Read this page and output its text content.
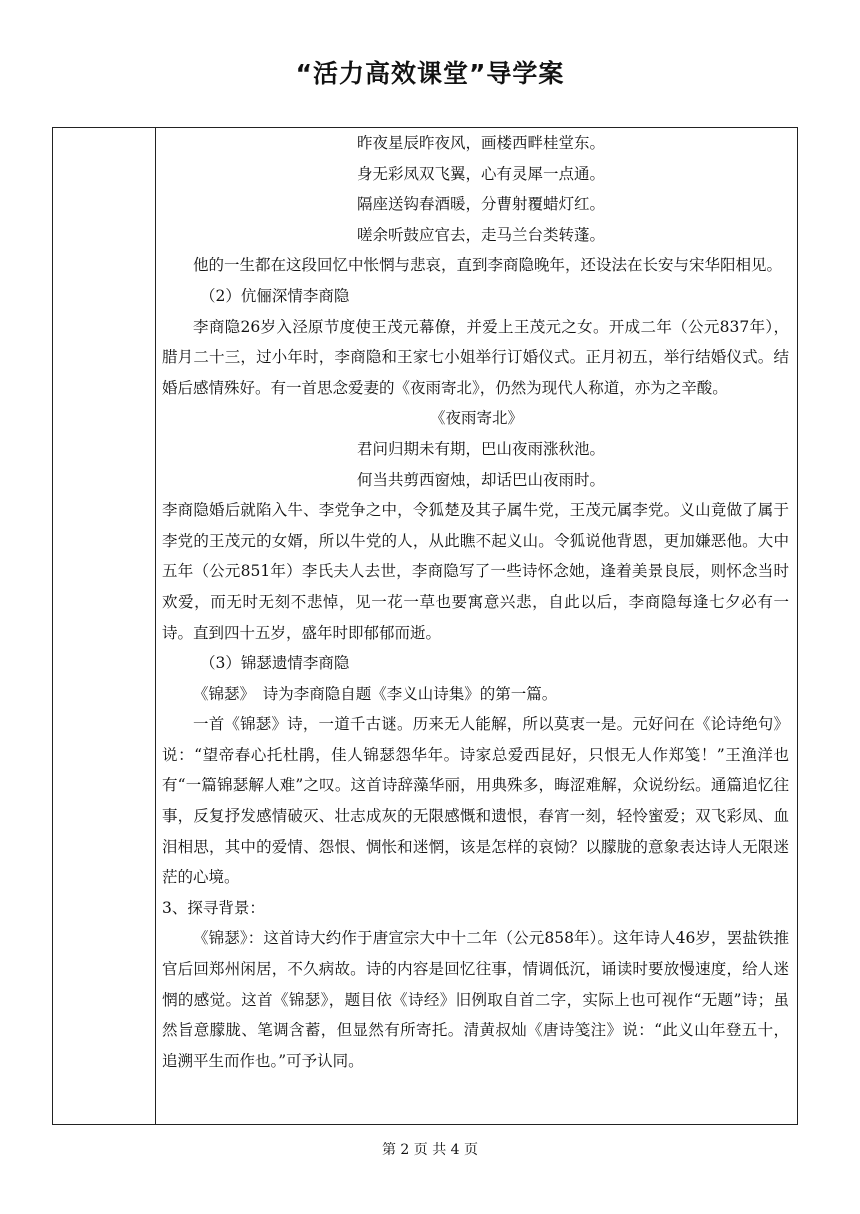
“活力高效课堂”导学案

昨夜星辰昨夜风，画楼西畔桂堂东。

身无彩凤双飞翼，心有灵犀一点通。

隔座送钩春酒暖，分曹射覆蜡灯红。

嗟余听鼓应官去，走马兰台类转蓬。

他的一生都在这段回忆中怅惘与悲哀，直到李商隐晚年，还设法在长安与宋华阳相见。

（2）伉俪深情李商隐

李商隐26岁入泾原节度使王茂元幕僚，并爱上王茂元之女。开成二年（公元837年），腊月二十三，过小年时，李商隐和王家七小姐举行订婚仪式。正月初五，举行结婚仪式。结婚后感情殊好。有一首思念爱妻的《夜雨寄北》，仍然为现代人称道，亦为之辛酸。

《夜雨寄北》

君问归期未有期，巴山夜雨涨秋池。

何当共剪西窗烛，却话巴山夜雨时。

李商隐婚后就陷入牛、李党争之中，令狐楚及其子属牛党，王茂元属李党。义山竟做了属于李党的王茂元的女婿，所以牛党的人，从此瞧不起义山。令狐说他背恩，更加嫌恶他。大中五年（公元851年）李氏夫人去世，李商隐写了一些诗怀念她，逢着美景良辰，则怀念当时欢爱，而无时无刻不悲悼，见一花一草也要寓意兴悲，自此以后，李商隐每逢七夕必有一诗。直到四十五岁，盛年时即郁郁而逝。

（3）锦瑟遗情李商隐

《锦瑟》　诗为李商隐自题《李义山诗集》的第一篇。

一首《锦瑟》诗，一道千古谜。历来无人能解，所以莫衷一是。元好问在《论诗绝句》说：“望帝春心托杜鹃，佳人锦瑟怨华年。诗家总爱西昆好，只恨无人作郑笺！”王渔洋也有“一篇锦瑟解人难”之叹。这首诗辞藻华丽，用典殊多，晦涩难解，众说纷纭。通篇追忆往事，反复抒发感情破灭、壮志成灰的无限感慨和遗恨，春宵一刻，轻怜蜜爱；双飞彩凤、血泪相思，其中的爱情、怨恨、惆怅和迷惘，该是怎样的哀恸？以朦胧的意象表达诗人无限迷茫的心境。

3、探寻背景：

《锦瑟》：这首诗大约作于唐宣宗大中十二年（公元858年）。这年诗人46岁，罢盐铁推官后回郑州闲居，不久病故。诗的内容是回忆往事，情调低沉，诵读时要放慢速度，给人迷惘的感觉。这首《锦瑟》，题目依《诗经》旧例取自首二字，实际上也可视作“无题”诗；虽然旨意朦胧、笔调含蓄，但显然有所寄托。清黄叔灿《唐诗笺注》说：“此义山年登五十，追溯平生而作也。”可予认同。

第 2 页 共 4 页
